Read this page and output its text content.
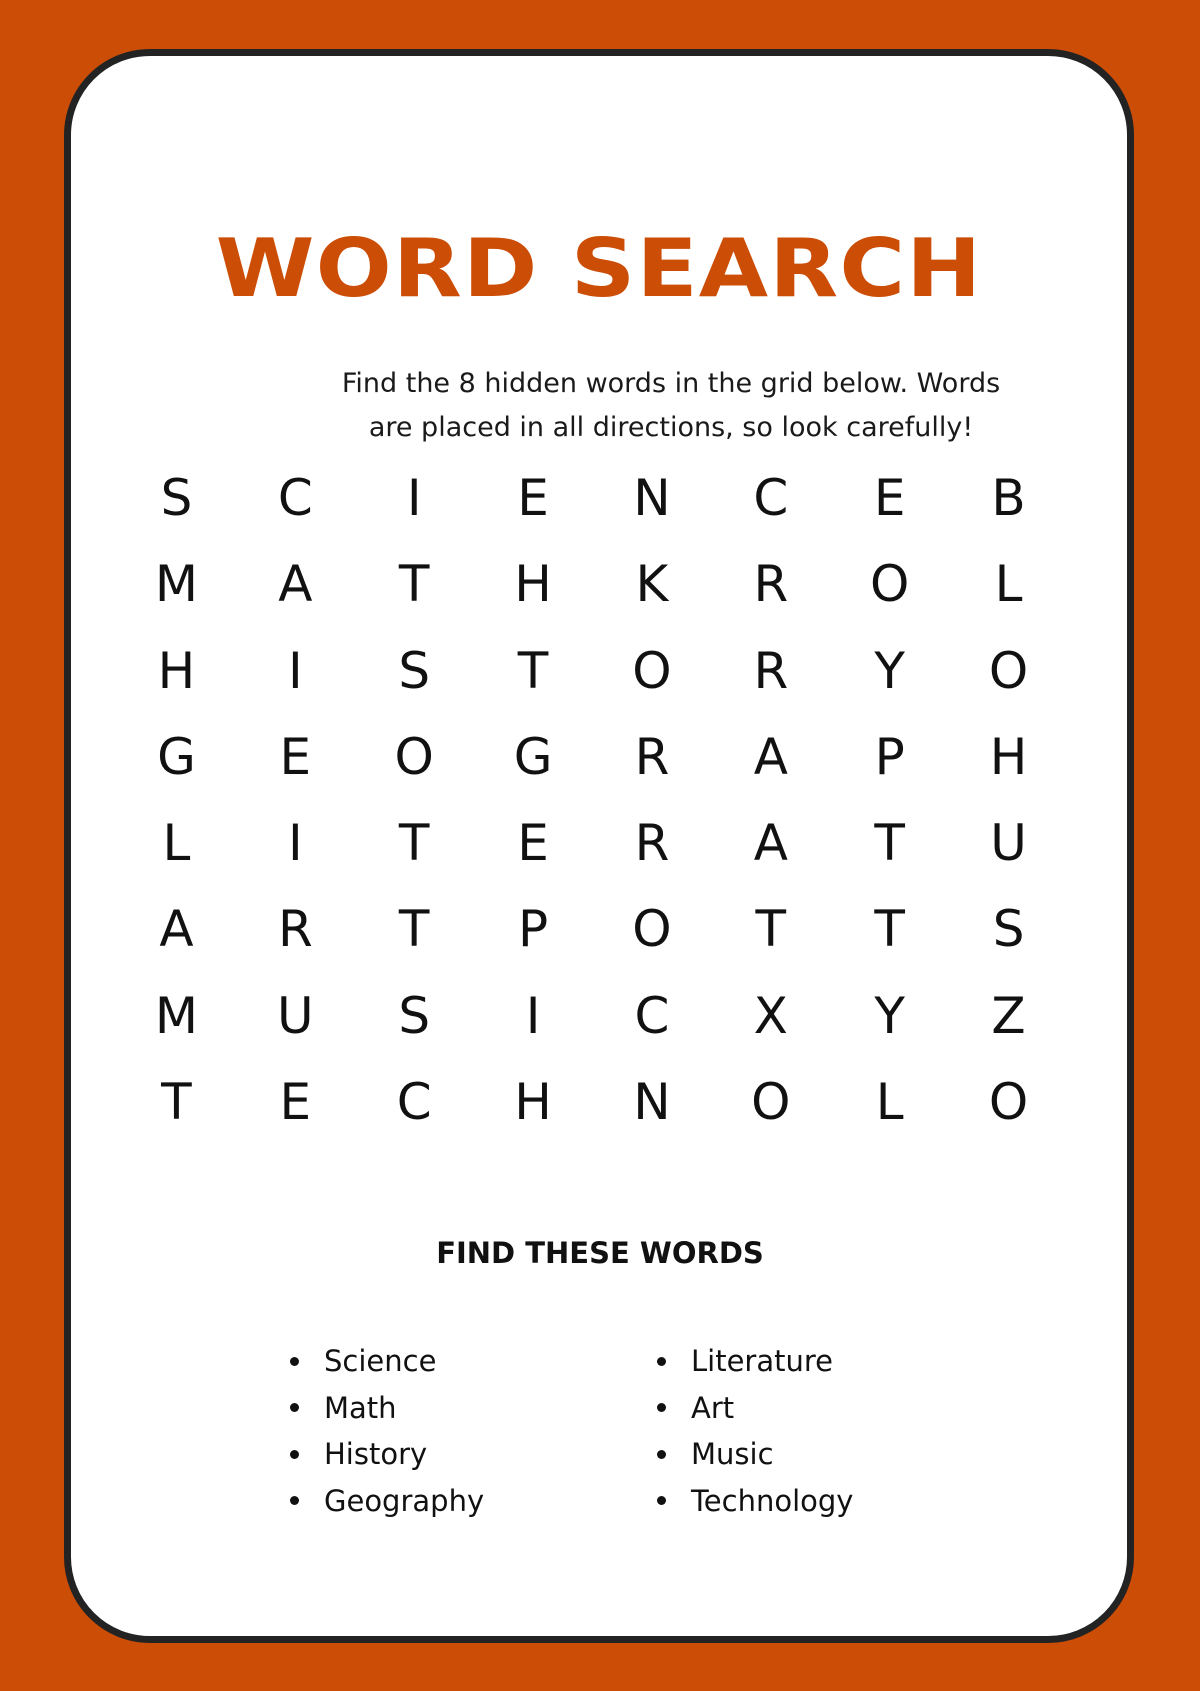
WORD SEARCH
Find the 8 hidden words in the grid below. Words
are placed in all directions, so look carefully!
S	C	I	E	N	C	E	B
M	A	T	H	K	R	O	L
H	I	S	T	O	R	Y	O
G	E	O	G	R	A	P	H
L	I	T	E	R	A	T	U
A	R	T	P	O	T	T	S
M	U	S	I	C	X	Y	Z
T	E	C	H	N	O	L	O
FIND THESE WORDS
Science
Math
History
Geography
Literature
Art
Music
Technology
